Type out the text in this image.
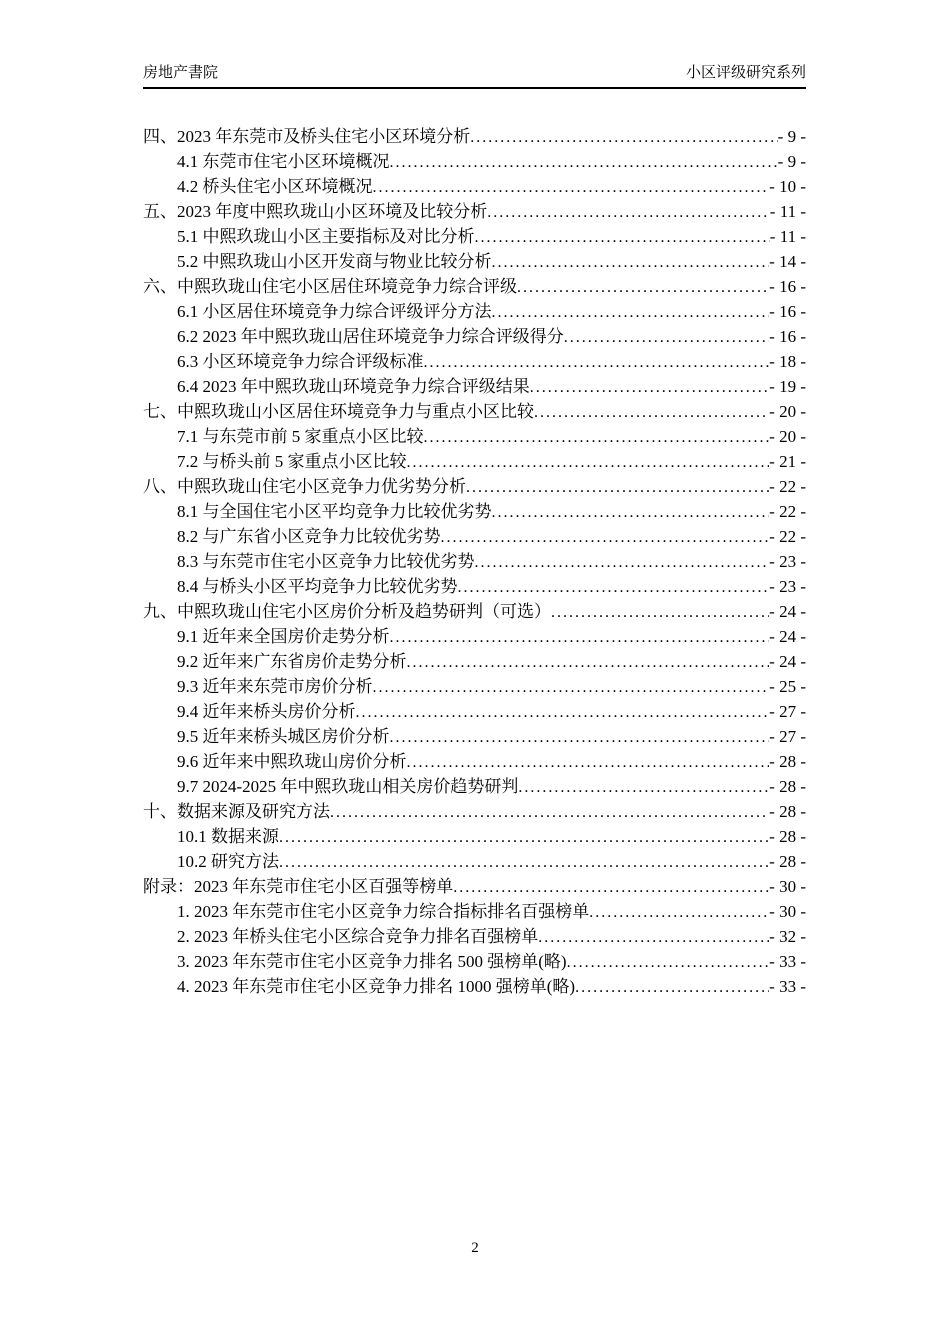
房地产書院	小区评级研究系列
四、2023 年东莞市及桥头住宅小区环境分析 .....	- 9 -
4.1 东莞市住宅小区环境概况 .....	- 9 -
4.2 桥头住宅小区环境概况 .....	- 10 -
五、2023 年度中熙玖珑山小区环境及比较分析 .....	- 11 -
5.1 中熙玖珑山小区主要指标及对比分析 .....	- 11 -
5.2 中熙玖珑山小区开发商与物业比较分析 .....	- 14 -
六、中熙玖珑山住宅小区居住环境竞争力综合评级 .....	- 16 -
6.1 小区居住环境竞争力综合评级评分方法 .....	- 16 -
6.2 2023 年中熙玖珑山居住环境竞争力综合评级得分 .....	- 16 -
6.3 小区环境竞争力综合评级标准 .....	- 18 -
6.4 2023 年中熙玖珑山环境竞争力综合评级结果 .....	- 19 -
七、中熙玖珑山小区居住环境竞争力与重点小区比较 .....	- 20 -
7.1 与东莞市前 5 家重点小区比较 .....	- 20 -
7.2 与桥头前 5 家重点小区比较 .....	- 21 -
八、中熙玖珑山住宅小区竞争力优劣势分析 .....	- 22 -
8.1 与全国住宅小区平均竞争力比较优劣势 .....	- 22 -
8.2 与广东省小区竞争力比较优劣势 .....	- 22 -
8.3 与东莞市住宅小区竞争力比较优劣势 .....	- 23 -
8.4 与桥头小区平均竞争力比较优劣势 .....	- 23 -
九、中熙玖珑山住宅小区房价分析及趋势研判（可选） .....	- 24 -
9.1 近年来全国房价走势分析 .....	- 24 -
9.2 近年来广东省房价走势分析 .....	- 24 -
9.3 近年来东莞市房价分析 .....	- 25 -
9.4 近年来桥头房价分析 .....	- 27 -
9.5 近年来桥头城区房价分析 .....	- 27 -
9.6 近年来中熙玖珑山房价分析 .....	- 28 -
9.7 2024-2025 年中熙玖珑山相关房价趋势研判 .....	- 28 -
十、数据来源及研究方法 .....	- 28 -
10.1 数据来源 .....	- 28 -
10.2 研究方法 .....	- 28 -
附录：2023 年东莞市住宅小区百强等榜单 .....	- 30 -
1. 2023 年东莞市住宅小区竞争力综合指标排名百强榜单 .....	- 30 -
2. 2023 年桥头住宅小区综合竞争力排名百强榜单 .....	- 32 -
3. 2023 年东莞市住宅小区竞争力排名 500 强榜单(略) .....	- 33 -
4. 2023 年东莞市住宅小区竞争力排名 1000 强榜单(略) .....	- 33 -
2
